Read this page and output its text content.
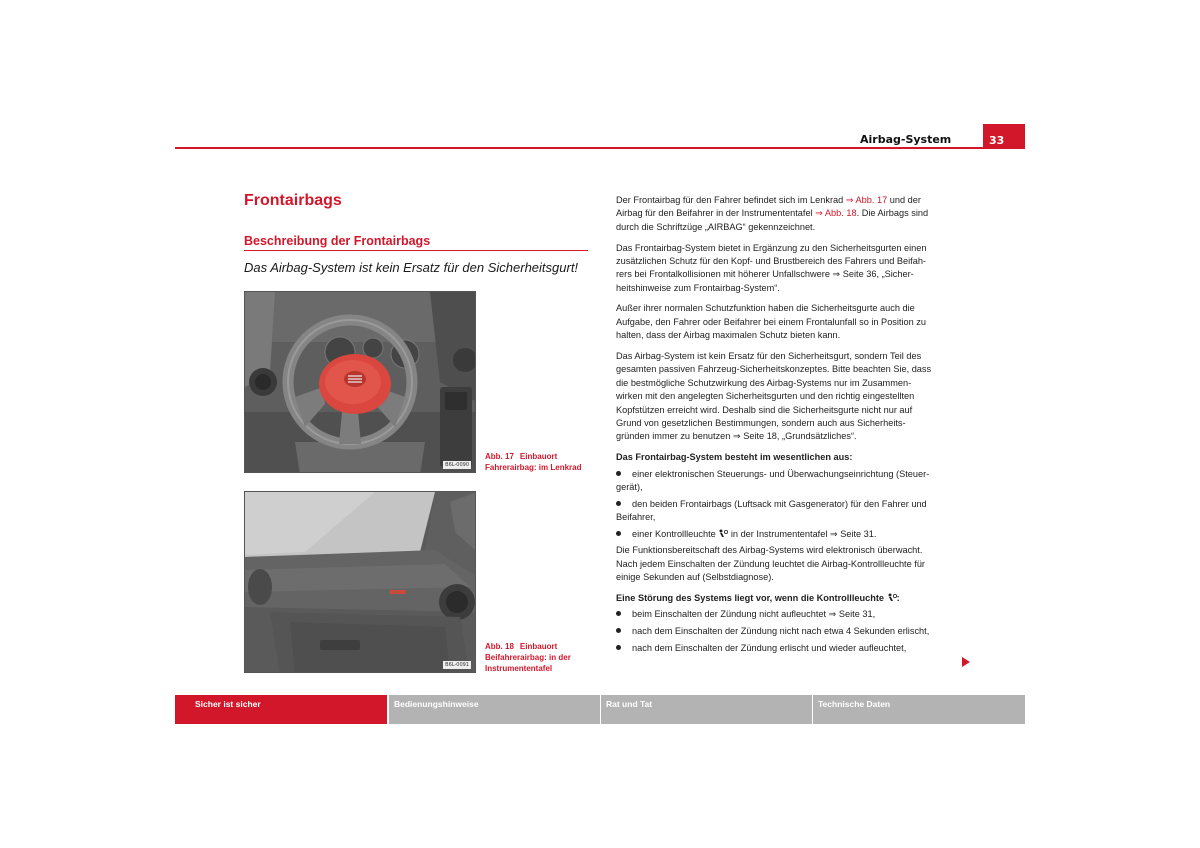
Airbag-System	33
Frontairbags
Beschreibung der Frontairbags
Das Airbag-System ist kein Ersatz für den Sicherheitsgurt!
B6L-0090
Abb. 17 Einbauort
Fahrerairbag: im Lenkrad
B6L-0091
Abb. 18 Einbauort
Beifahrerairbag: in der
Instrumententafel

Der Frontairbag für den Fahrer befindet sich im Lenkrad ⇒ Abb. 17 und der
Airbag für den Beifahrer in der Instrumententafel ⇒ Abb. 18. Die Airbags sind
durch die Schriftzüge „AIRBAG“ gekennzeichnet.

Das Frontairbag-System bietet in Ergänzung zu den Sicherheitsgurten einen
zusätzlichen Schutz für den Kopf- und Brustbereich des Fahrers und Beifah-
rers bei Frontalkollisionen mit höherer Unfallschwere ⇒ Seite 36, „Sicher-
heitshinweise zum Frontairbag-System“.

Außer ihrer normalen Schutzfunktion haben die Sicherheitsgurte auch die
Aufgabe, den Fahrer oder Beifahrer bei einem Frontalunfall so in Position zu
halten, dass der Airbag maximalen Schutz bieten kann.

Das Airbag-System ist kein Ersatz für den Sicherheitsgurt, sondern Teil des
gesamten passiven Fahrzeug-Sicherheitskonzeptes. Bitte beachten Sie, dass
die bestmögliche Schutzwirkung des Airbag-Systems nur im Zusammen-
wirken mit den angelegten Sicherheitsgurten und den richtig eingestellten
Kopfstützen erreicht wird. Deshalb sind die Sicherheitsgurte nicht nur auf
Grund von gesetzlichen Bestimmungen, sondern auch aus Sicherheits-
gründen immer zu benutzen ⇒ Seite 18, „Grundsätzliches“.

Das Frontairbag-System besteht im wesentlichen aus:

einer elektronischen Steuerungs- und Überwachungseinrichtung (Steuer-
gerät),
den beiden Frontairbags (Luftsack mit Gasgenerator) für den Fahrer und
Beifahrer,
einer Kontrollleuchte  in der Instrumententafel ⇒ Seite 31.

Die Funktionsbereitschaft des Airbag-Systems wird elektronisch überwacht.
Nach jedem Einschalten der Zündung leuchtet die Airbag-Kontrollleuchte für
einige Sekunden auf (Selbstdiagnose).

Eine Störung des Systems liegt vor, wenn die Kontrollleuchte :

beim Einschalten der Zündung nicht aufleuchtet ⇒ Seite 31,
nach dem Einschalten der Zündung nicht nach etwa 4 Sekunden erlischt,
nach dem Einschalten der Zündung erlischt und wieder aufleuchtet,
Sicher ist sicher	Bedienungshinweise	Rat und Tat	Technische Daten
